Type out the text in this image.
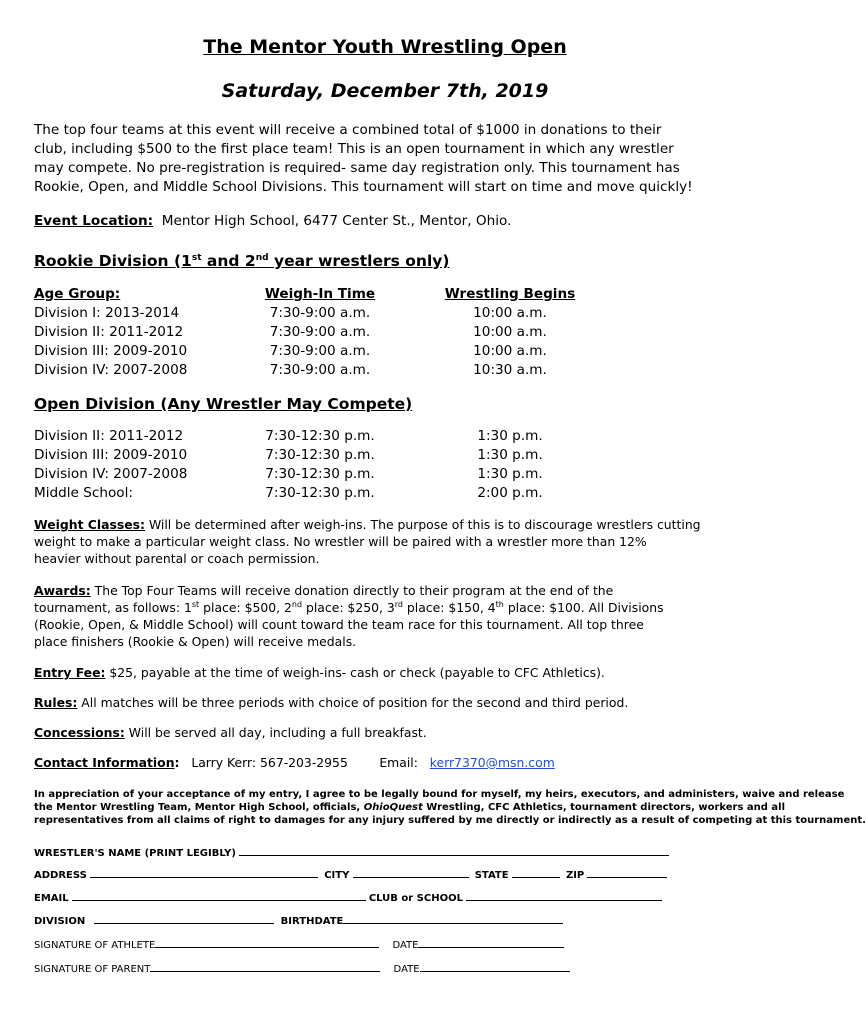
The Mentor Youth Wrestling Open
Saturday, December 7th, 2019

The top four teams at this event will receive a combined total of $1000 in donations to their

club, including $500 to the first place team! This is an open tournament in which any wrestler

may compete. No pre-registration is required- same day registration only. This tournament has

Rookie, Open, and Middle School Divisions. This tournament will start on time and move quickly!

Event Location: Mentor High School, 6477 Center St., Mentor, Ohio.

Rookie Division (1st and 2nd year wrestlers only)
Age Group:	Weigh-In Time	Wrestling Begins
Division I: 2013-2014	7:30-9:00 a.m.	10:00 a.m.
Division II: 2011-2012	7:30-9:00 a.m.	10:00 a.m.
Division III: 2009-2010	7:30-9:00 a.m.	10:00 a.m.
Division IV: 2007-2008	7:30-9:00 a.m.	10:30 a.m.
Open Division (Any Wrestler May Compete)
Division II: 2011-2012	7:30-12:30 p.m.	1:30 p.m.
Division III: 2009-2010	7:30-12:30 p.m.	1:30 p.m.
Division IV: 2007-2008	7:30-12:30 p.m.	1:30 p.m.
Middle School:	7:30-12:30 p.m.	2:00 p.m.

Weight Classes: Will be determined after weigh-ins. The purpose of this is to discourage wrestlers cutting

weight to make a particular weight class. No wrestler will be paired with a wrestler more than 12%

heavier without parental or coach permission.

Awards: The Top Four Teams will receive donation directly to their program at the end of the

tournament, as follows: 1st place: $500, 2nd place: $250, 3rd place: $150, 4th place: $100. All Divisions

(Rookie, Open, & Middle School) will count toward the team race for this tournament. All top three

place finishers (Rookie & Open) will receive medals.

Entry Fee: $25, payable at the time of weigh-ins- cash or check (payable to CFC Athletics).

Rules: All matches will be three periods with choice of position for the second and third period.

Concessions: Will be served all day, including a full breakfast.

Contact Information: Larry Kerr: 567-203-2955	Email: kerr7370@msn.com

In appreciation of your acceptance of my entry, I agree to be legally bound for myself, my heirs, executors, and administers, waive and release

the Mentor Wrestling Team, Mentor High School, officials, OhioQuest Wrestling, CFC Athletics, tournament directors, workers and all

representatives from all claims of right to damages for any injury suffered by me directly or indirectly as a result of competing at this tournament.

WRESTLER'S NAME (PRINT LEGIBLY)
ADDRESS	CITY	STATE	ZIP
EMAIL	CLUB or SCHOOL
DIVISION	BIRTHDATE
SIGNATURE OF ATHLETE	DATE
SIGNATURE OF PARENT	DATE
